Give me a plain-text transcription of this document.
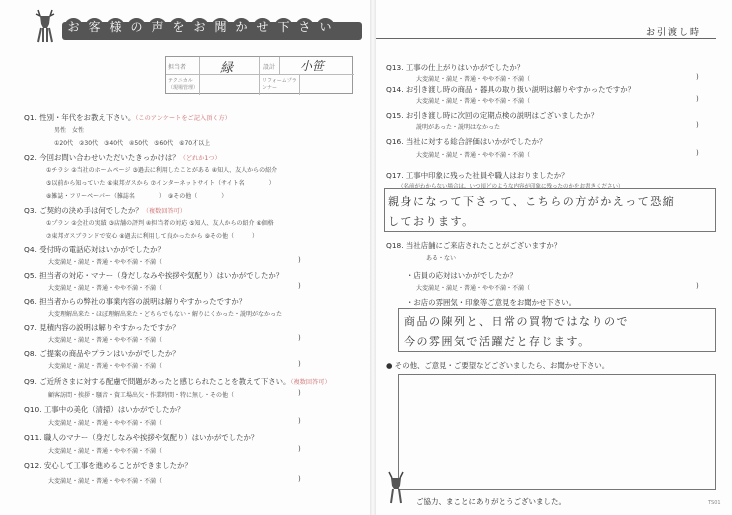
お 客 様 の 声 を お 聞 か せ 下 さ い
担当者	緑	設計	小笹
テクニカル（現場管理）
リフォームプランナー
Q1. 性別・年代をお教え下さい。（このアンケートをご記入頂く方）
男性　女性
①20代　②30代　③40代　④50代　⑤60代　⑥70才以上
Q2. 今回お問い合わせいただいたきっかけは？（どれか1つ）
①チラシ ②当社のホームページ ③過去に利用したことがある ④知人、友人からの紹介
⑤以前から知っていた ⑥東邦ガスから ⑦インターネットサイト（サイト名　　　　）
⑧雑誌・フリーペーパー（雑誌名　　　　）　⑨その他（　　　　）
Q3. ご契約の決め手は何でしたか？（複数回答可）
①プラン ②会社の実績 ③店舗の評判 ④担当者の対応 ⑤知人、友人からの紹介 ⑥価格
⑦東邦ガスブランドで安心 ⑧過去に利用して良かったから ⑨その他（　　　）
Q4. 受付時の電話応対はいかがでしたか？
大変満足・満足・普通・やや不満・不満（	)
Q5. 担当者の対応・マナー（身だしなみや挨拶や気配り）はいかがでしたか？
大変満足・満足・普通・やや不満・不満（	)
Q6. 担当者からの弊社の事業内容の説明は解りやすかったですか？
大変理解出来た・ほぼ理解出来た・どちらでもない・解りにくかった・説明がなかった
Q7. 見積内容の説明は解りやすかったですか？
大変満足・満足・普通・やや不満・不満（	)
Q8. ご提案の商品やプランはいかがでしたか？
大変満足・満足・普通・やや不満・不満（	)
Q9. ご近所さまに対する配慮で問題があったと感じられたことを教えて下さい。（複数回答可）
顧客訪問・挨拶・騒音・資工場出欠・作業時間・特に無し・その他（	)
Q10. 工事中の美化（清掃）はいかがでしたか？
大変満足・満足・普通・やや不満・不満（	)
Q11. 職人のマナー（身だしなみや挨拶や気配り）はいかがでしたか？
大変満足・満足・普通・やや不満・不満（	)
Q12. 安心して工事を進めることができましたか？
大変満足・満足・普通・やや不満・不満（	)
お引渡し時
Q13. 工事の仕上がりはいかがでしたか？
大変満足・満足・普通・やや不満・不満（	)
Q14. お引き渡し時の商品・器具の取り扱い説明は解りやすかったですか？
大変満足・満足・普通・やや不満・不満（	)
Q15. お引き渡し時に次回の定期点検の説明はございましたか？
説明があった・説明はなかった	)
Q16. 当社に対する総合評価はいかがでしたか？
大変満足・満足・普通・やや不満・不満（	)
Q17. 工事中印象に残った社員や職人はおりましたか？
（名前がわからない場合は、いつ頃どのような内容が印象に残ったのかをお書きください）
親身になって下さって、こちらの方がかえって恐縮
しております。
Q18. 当社店舗にご来店されたことがございますか？
ある・ない
・店員の応対はいかがでしたか？
大変満足・満足・普通・やや不満・不満（	)
・お店の雰囲気・印象等ご意見をお聞かせ下さい。
商品の陳列と、日常の買物ではなりので
今の雰囲気で活躍だと存じます。
● その他、ご意見・ご要望などございましたら、お聞かせ下さい。
ご協力、まことにありがとうございました。	TS01
